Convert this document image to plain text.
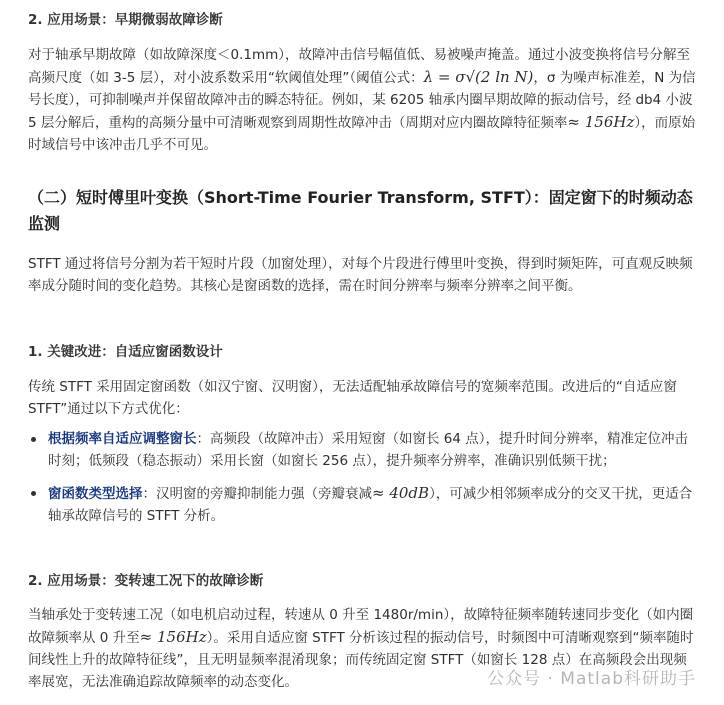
2. 应用场景：早期微弱故障诊断

对于轴承早期故障（如故障深度＜0.1mm），故障冲击信号幅值低、易被噪声掩盖。通过小波变换将信号分解至高频尺度（如 3-5 层），对小波系数采用“软阈值处理”（阈值公式：λ = σ√(2 ln N)，σ 为噪声标准差，N 为信号长度），可抑制噪声并保留故障冲击的瞬态特征。例如，某 6205 轴承内圈早期故障的振动信号，经 db4 小波 5 层分解后，重构的高频分量中可清晰观察到周期性故障冲击（周期对应内圈故障特征频率≈ 156Hz），而原始时域信号中该冲击几乎不可见。

（二）短时傅里叶变换（Short-Time Fourier Transform, STFT）：固定窗下的时频动态监测

STFT 通过将信号分割为若干短时片段（加窗处理），对每个片段进行傅里叶变换，得到时频矩阵，可直观反映频率成分随时间的变化趋势。其核心是窗函数的选择，需在时间分辨率与频率分辨率之间平衡。

1. 关键改进：自适应窗函数设计

传统 STFT 采用固定窗函数（如汉宁窗、汉明窗），无法适配轴承故障信号的宽频率范围。改进后的“自适应窗 STFT”通过以下方式优化：

根据频率自适应调整窗长：高频段（故障冲击）采用短窗（如窗长 64 点），提升时间分辨率，精准定位冲击时刻；低频段（稳态振动）采用长窗（如窗长 256 点），提升频率分辨率，准确识别低频干扰；
窗函数类型选择：汉明窗的旁瓣抑制能力强（旁瓣衰减≈ 40dB），可减少相邻频率成分的交叉干扰，更适合轴承故障信号的 STFT 分析。
2. 应用场景：变转速工况下的故障诊断

当轴承处于变转速工况（如电机启动过程，转速从 0 升至 1480r/min），故障特征频率随转速同步变化（如内圈故障频率从 0 升至≈ 156Hz）。采用自适应窗 STFT 分析该过程的振动信号，时频图中可清晰观察到“频率随时间线性上升的故障特征线”，且无明显频率混淆现象；而传统固定窗 STFT（如窗长 128 点）在高频段会出现频率展宽，无法准确追踪故障频率的动态变化。	公众号 · Matlab科研助手
